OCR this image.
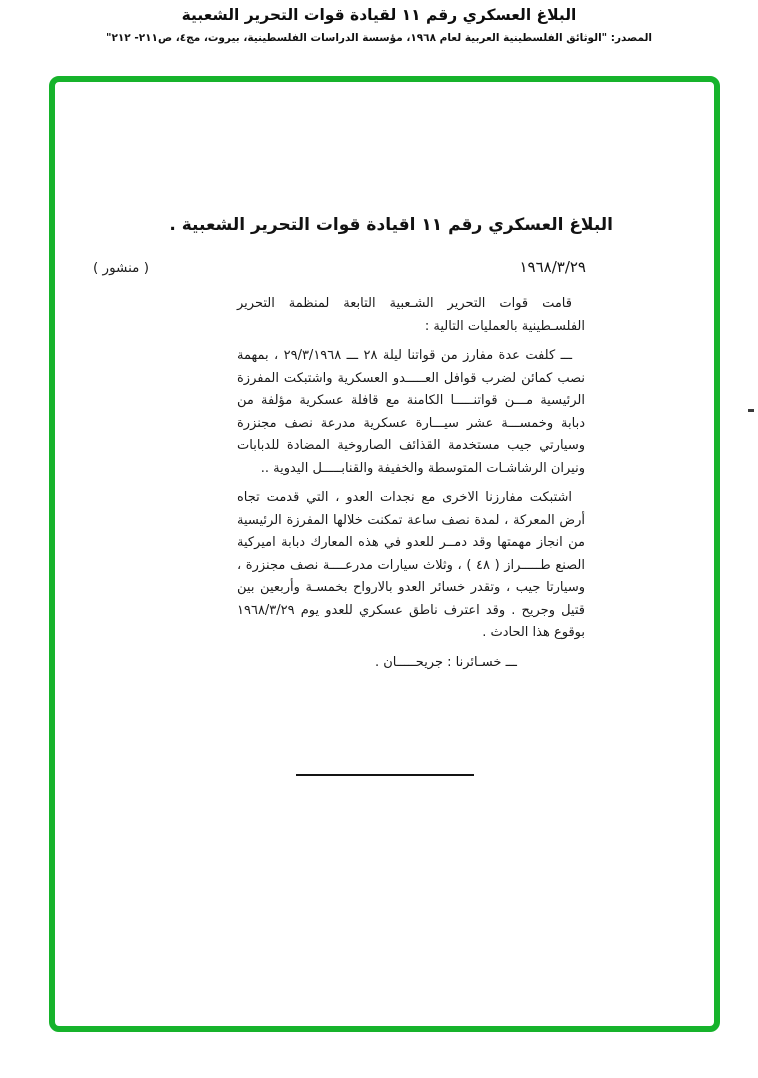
البلاغ العسكري رقم ١١ لقيادة قوات التحرير الشعبية
المصدر: "الوثائق الفلسطينية العربية لعام ١٩٦٨، مؤسسة الدراسات الفلسطينية، بيروت، مج٤، ص٢١١- ٢١٢"
البلاغ العسكري رقم ١١ اقيادة قوات التحرير الشعبية .
١٩٦٨/٣/٢٩
( منشور )

قامت قوات التحرير الشـعبية التابعة لمنظمة التحرير الفلسـطينية بالعمليات التالية :

ـــ كلفت عدة مفارز من قواتنا ليلة ٢٨ ـــ ٢٩/٣/١٩٦٨ ، بمهمة نصب كمائن لضرب قوافل العـــــدو العسكرية واشتبكت المفرزة الرئيسية مـــن قواتنـــــا الكامنة مع قافلة عسكرية مؤلفة من دبابة وخمســـة عشر سيـــارة عسكرية مدرعة نصف مجنزرة وسيارتي جيب مستخدمة القذائف الصاروخية المضادة للدبابات ونيران الرشاشـات المتوسطة والخفيفة والقنابـــــل اليدوية ..

اشتبكت مفارزنا الاخرى مع نجدات العدو ، التي قدمت تجاه أرض المعركة ، لمدة نصف ساعة تمكنت خلالها المفرزة الرئيسية من انجاز مهمتها وقد دمــر للعدو في هذه المعارك دبابة اميركية الصنع طـــــراز ( ٤٨ ) ، وثلاث سيارات مدرعــــة نصف مجنزرة ، وسيارتا جيب ، وتقدر خسائر العدو بالارواح بخمسـة وأربعين بين قتيل وجريح . وقد اعترف ناطق عسكري للعدو يوم ١٩٦٨/٣/٢٩ بوقوع هذا الحادث .

ـــ خسـائرنا : جريحـــــان .
